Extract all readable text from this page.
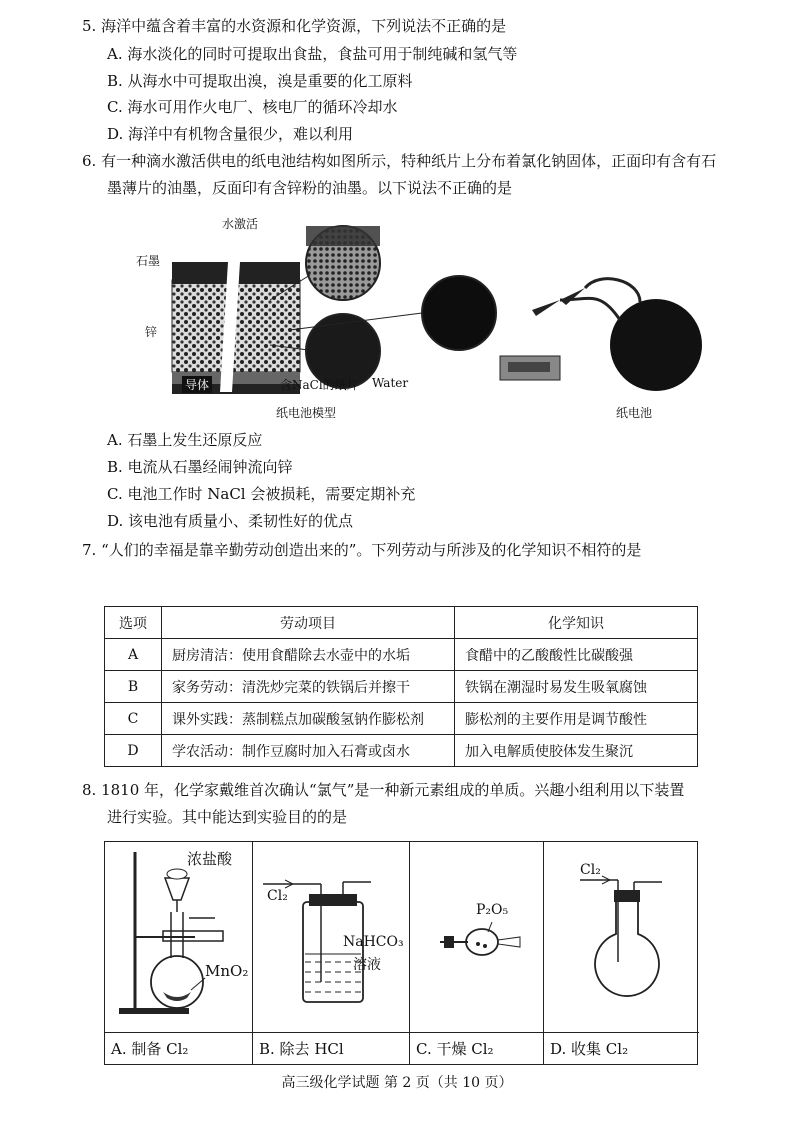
5. 海洋中蕴含着丰富的水资源和化学资源，下列说法不正确的是
A. 海水淡化的同时可提取出食盐，食盐可用于制纯碱和氢气等
B. 从海水中可提取出溴，溴是重要的化工原料
C. 海水可用作火电厂、核电厂的循环冷却水
D. 海洋中有机物含量很少，难以利用
6. 有一种滴水激活供电的纸电池结构如图所示，特种纸片上分布着氯化钠固体，正面印有含有石
墨薄片的油墨，反面印有含锌粉的油墨。以下说法不正确的是
水激活
石墨
锌
导体	含NaCl的纸片 Water
纸电池模型	纸电池
A. 石墨上发生还原反应
B. 电流从石墨经闹钟流向锌
C. 电池工作时 NaCl 会被损耗，需要定期补充
D. 该电池有质量小、柔韧性好的优点
7. “人们的幸福是靠辛勤劳动创造出来的”。下列劳动与所涉及的化学知识不相符的是
选项	劳动项目	化学知识
A	厨房清洁：使用食醋除去水壶中的水垢	食醋中的乙酸酸性比碳酸强
B	家务劳动：清洗炒完菜的铁锅后并擦干	铁锅在潮湿时易发生吸氧腐蚀
C	课外实践：蒸制糕点加碳酸氢钠作膨松剂	膨松剂的主要作用是调节酸性
D	学农活动：制作豆腐时加入石膏或卤水	加入电解质使胶体发生聚沉
8. 1810 年，化学家戴维首次确认“氯气”是一种新元素组成的单质。兴趣小组利用以下装置
进行实验。其中能达到实验目的的是
浓盐酸
MnO₂
A. 制备 Cl₂
Cl₂
NaHCO₃
溶液
B. 除去 HCl
P₂O₅
C. 干燥 Cl₂
Cl₂
D. 收集 Cl₂
高三级化学试题 第 2 页（共 10 页）
